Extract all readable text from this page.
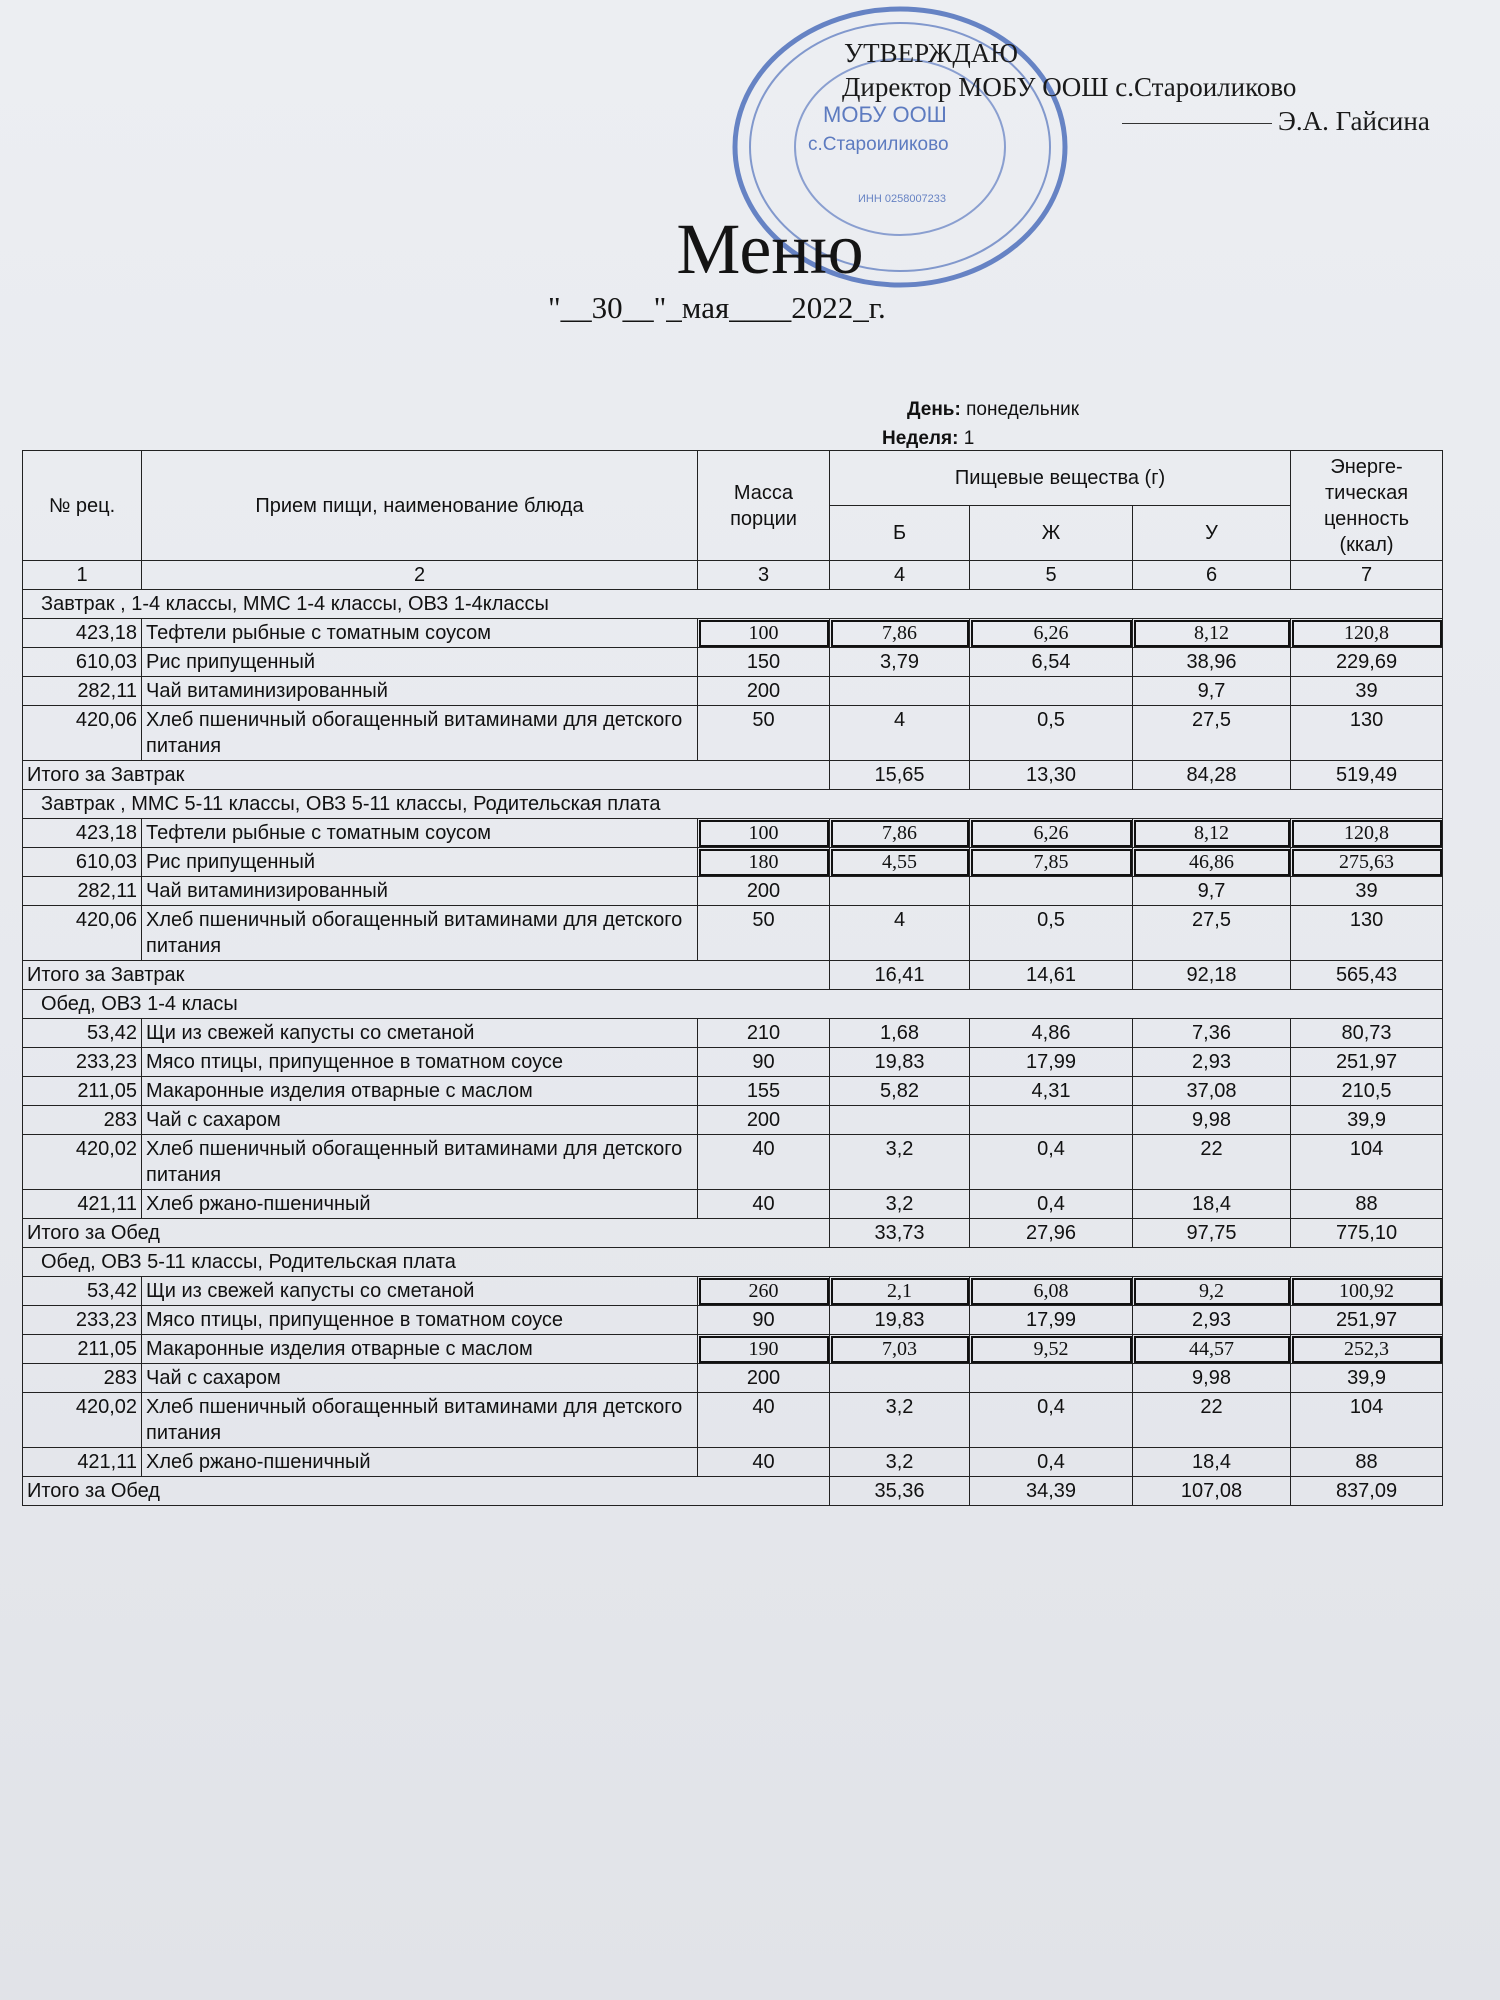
МОБУ ООШ
с.Староиликово
ИНН 0258007233
УТВЕРЖДАЮ
Директор МОБУ ООШ с.Староиликово
Э.А. Гайсина
Меню
"__30__"_мая____2022_г.
День: понедельник
Неделя: 1
№ рец.	Прием пищи, наименование блюда	Масса порции	Пищевые вещества (г)			Энерге-тическая ценность (ккал)
			Б	Ж	У	
1	2	3	4	5	6	7
Завтрак , 1-4 классы, ММС 1-4 классы, ОВЗ 1-4классы						
423,18	Тефтели рыбные с томатным соусом	100	7,86	6,26	8,12	120,8
610,03	Рис припущенный	150	3,79	6,54	38,96	229,69
282,11	Чай витаминизированный	200			9,7	39
420,06	Хлеб пшеничный обогащенный витаминами для детского питания	50	4	0,5	27,5	130
Итого за Завтрак			15,65	13,30	84,28	519,49
Завтрак , ММС 5-11 классы, ОВЗ 5-11 классы, Родительская плата						
423,18	Тефтели рыбные с томатным соусом	100	7,86	6,26	8,12	120,8
610,03	Рис припущенный	180	4,55	7,85	46,86	275,63
282,11	Чай витаминизированный	200			9,7	39
420,06	Хлеб пшеничный обогащенный витаминами для детского питания	50	4	0,5	27,5	130
Итого за Завтрак			16,41	14,61	92,18	565,43
Обед, ОВЗ 1-4 класы						
53,42	Щи из свежей капусты со сметаной	210	1,68	4,86	7,36	80,73
233,23	Мясо птицы, припущенное в томатном соусе	90	19,83	17,99	2,93	251,97
211,05	Макаронные изделия отварные с маслом	155	5,82	4,31	37,08	210,5
283	Чай с сахаром	200			9,98	39,9
420,02	Хлеб пшеничный обогащенный витаминами для детского питания	40	3,2	0,4	22	104
421,11	Хлеб ржано-пшеничный	40	3,2	0,4	18,4	88
Итого за Обед			33,73	27,96	97,75	775,10
Обед, ОВЗ 5-11 классы, Родительская плата						
53,42	Щи из свежей капусты со сметаной	260	2,1	6,08	9,2	100,92
233,23	Мясо птицы, припущенное в томатном соусе	90	19,83	17,99	2,93	251,97
211,05	Макаронные изделия отварные с маслом	190	7,03	9,52	44,57	252,3
283	Чай с сахаром	200			9,98	39,9
420,02	Хлеб пшеничный обогащенный витаминами для детского питания	40	3,2	0,4	22	104
421,11	Хлеб ржано-пшеничный	40	3,2	0,4	18,4	88
Итого за Обед			35,36	34,39	107,08	837,09
